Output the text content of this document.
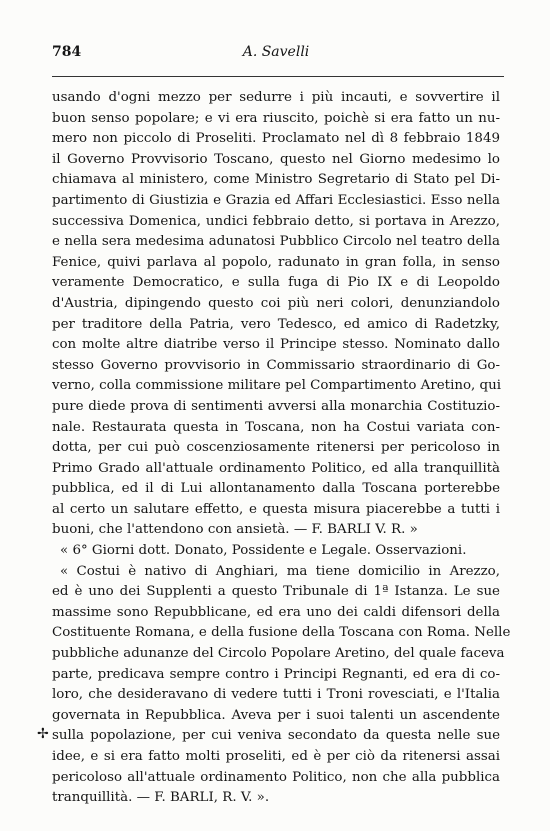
784	A. Savelli
usando d'ogni mezzo per sedurre i più incauti, e sovvertire il
buon senso popolare; e vi era riuscito, poichè si era fatto un nu-
mero non piccolo di Proseliti. Proclamato nel dì 8 febbraio 1849
il Governo Provvisorio Toscano, questo nel Giorno medesimo lo
chiamava al ministero, come Ministro Segretario di Stato pel Di-
partimento di Giustizia e Grazia ed Affari Ecclesiastici. Esso nella
successiva Domenica, undici febbraio detto, si portava in Arezzo,
e nella sera medesima adunatosi Pubblico Circolo nel teatro della
Fenice, quivi parlava al popolo, radunato in gran folla, in senso
veramente Democratico, e sulla fuga di Pio IX e di Leopoldo
d'Austria, dipingendo questo coi più neri colori, denunziandolo
per traditore della Patria, vero Tedesco, ed amico di Radetzky,
con molte altre diatribe verso il Principe stesso. Nominato dallo
stesso Governo provvisorio in Commissario straordinario di Go-
verno, colla commissione militare pel Compartimento Aretino, qui
pure diede prova di sentimenti avversi alla monarchia Costituzio-
nale. Restaurata questa in Toscana, non ha Costui variata con-
dotta, per cui può coscenziosamente ritenersi per pericoloso in
Primo Grado all'attuale ordinamento Politico, ed alla tranquillità
pubblica, ed il di Lui allontanamento dalla Toscana porterebbe
al certo un salutare effetto, e questa misura piacerebbe a tutti i
buoni, che l'attendono con ansietà. — F. BARLI V. R. »
« 6° Giorni dott. Donato, Possidente e Legale. Osservazioni.
« Costui è nativo di Anghiari, ma tiene domicilio in Arezzo,
ed è uno dei Supplenti a questo Tribunale di 1ª Istanza. Le sue
massime sono Repubblicane, ed era uno dei caldi difensori della
Costituente Romana, e della fusione della Toscana con Roma. Nelle
pubbliche adunanze del Circolo Popolare Aretino, del quale faceva
parte, predicava sempre contro i Principi Regnanti, ed era di co-
loro, che desideravano di vedere tutti i Troni rovesciati, e l'Italia
governata in Repubblica. Aveva per i suoi talenti un ascendente
sulla popolazione, per cui veniva secondato da questa nelle sue
idee, e si era fatto molti proseliti, ed è per ciò da ritenersi assai
pericoloso all'attuale ordinamento Politico, non che alla pubblica
tranquillità. — F. BARLI, R. V. ».
✢
